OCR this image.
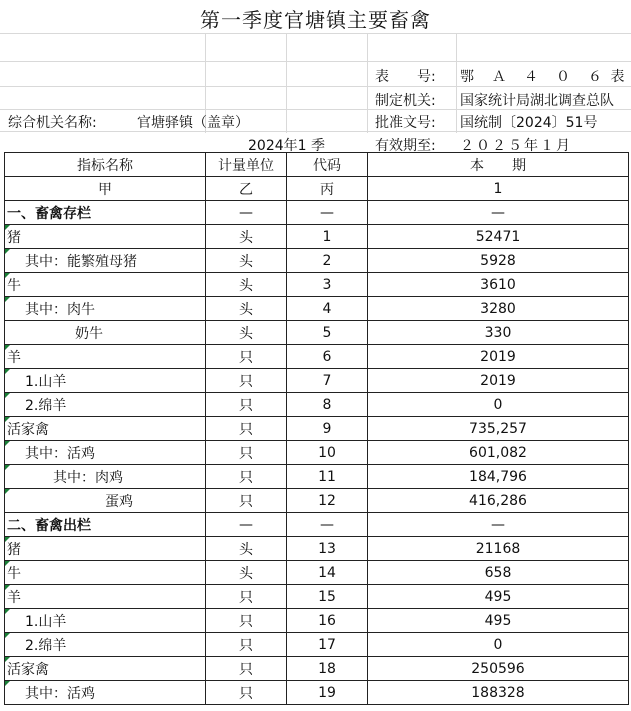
第一季度官塘镇主要畜禽
表　　号: 鄂　Ａ　４　０　６ 表
制定机关: 国家统计局湖北调查总队
综合机关名称:	官塘驿镇（盖章）	批准文号: 国统制〔2024〕51号
2024年1 季	有效期至: ２０２５年１月
指标名称	计量单位	代码	本　　期
甲	乙	丙	1
一、畜禽存栏	—	—	—

猪	头	1	52471

其中：能繁殖母猪	头	2	5928

牛	头	3	3610

其中：肉牛	头	4	3280
奶牛	头	5	330

羊	只	6	2019

1.山羊	只	7	2019

2.绵羊	只	8	0

活家禽	只	9	735,257

其中：活鸡	只	10	601,082

其中：肉鸡	只	11	184,796

蛋鸡	只	12	416,286
二、畜禽出栏	—	—	—

猪	头	13	21168

牛	头	14	658

羊	只	15	495

1.山羊	只	16	495

2.绵羊	只	17	0

活家禽	只	18	250596

其中：活鸡	只	19	188328
